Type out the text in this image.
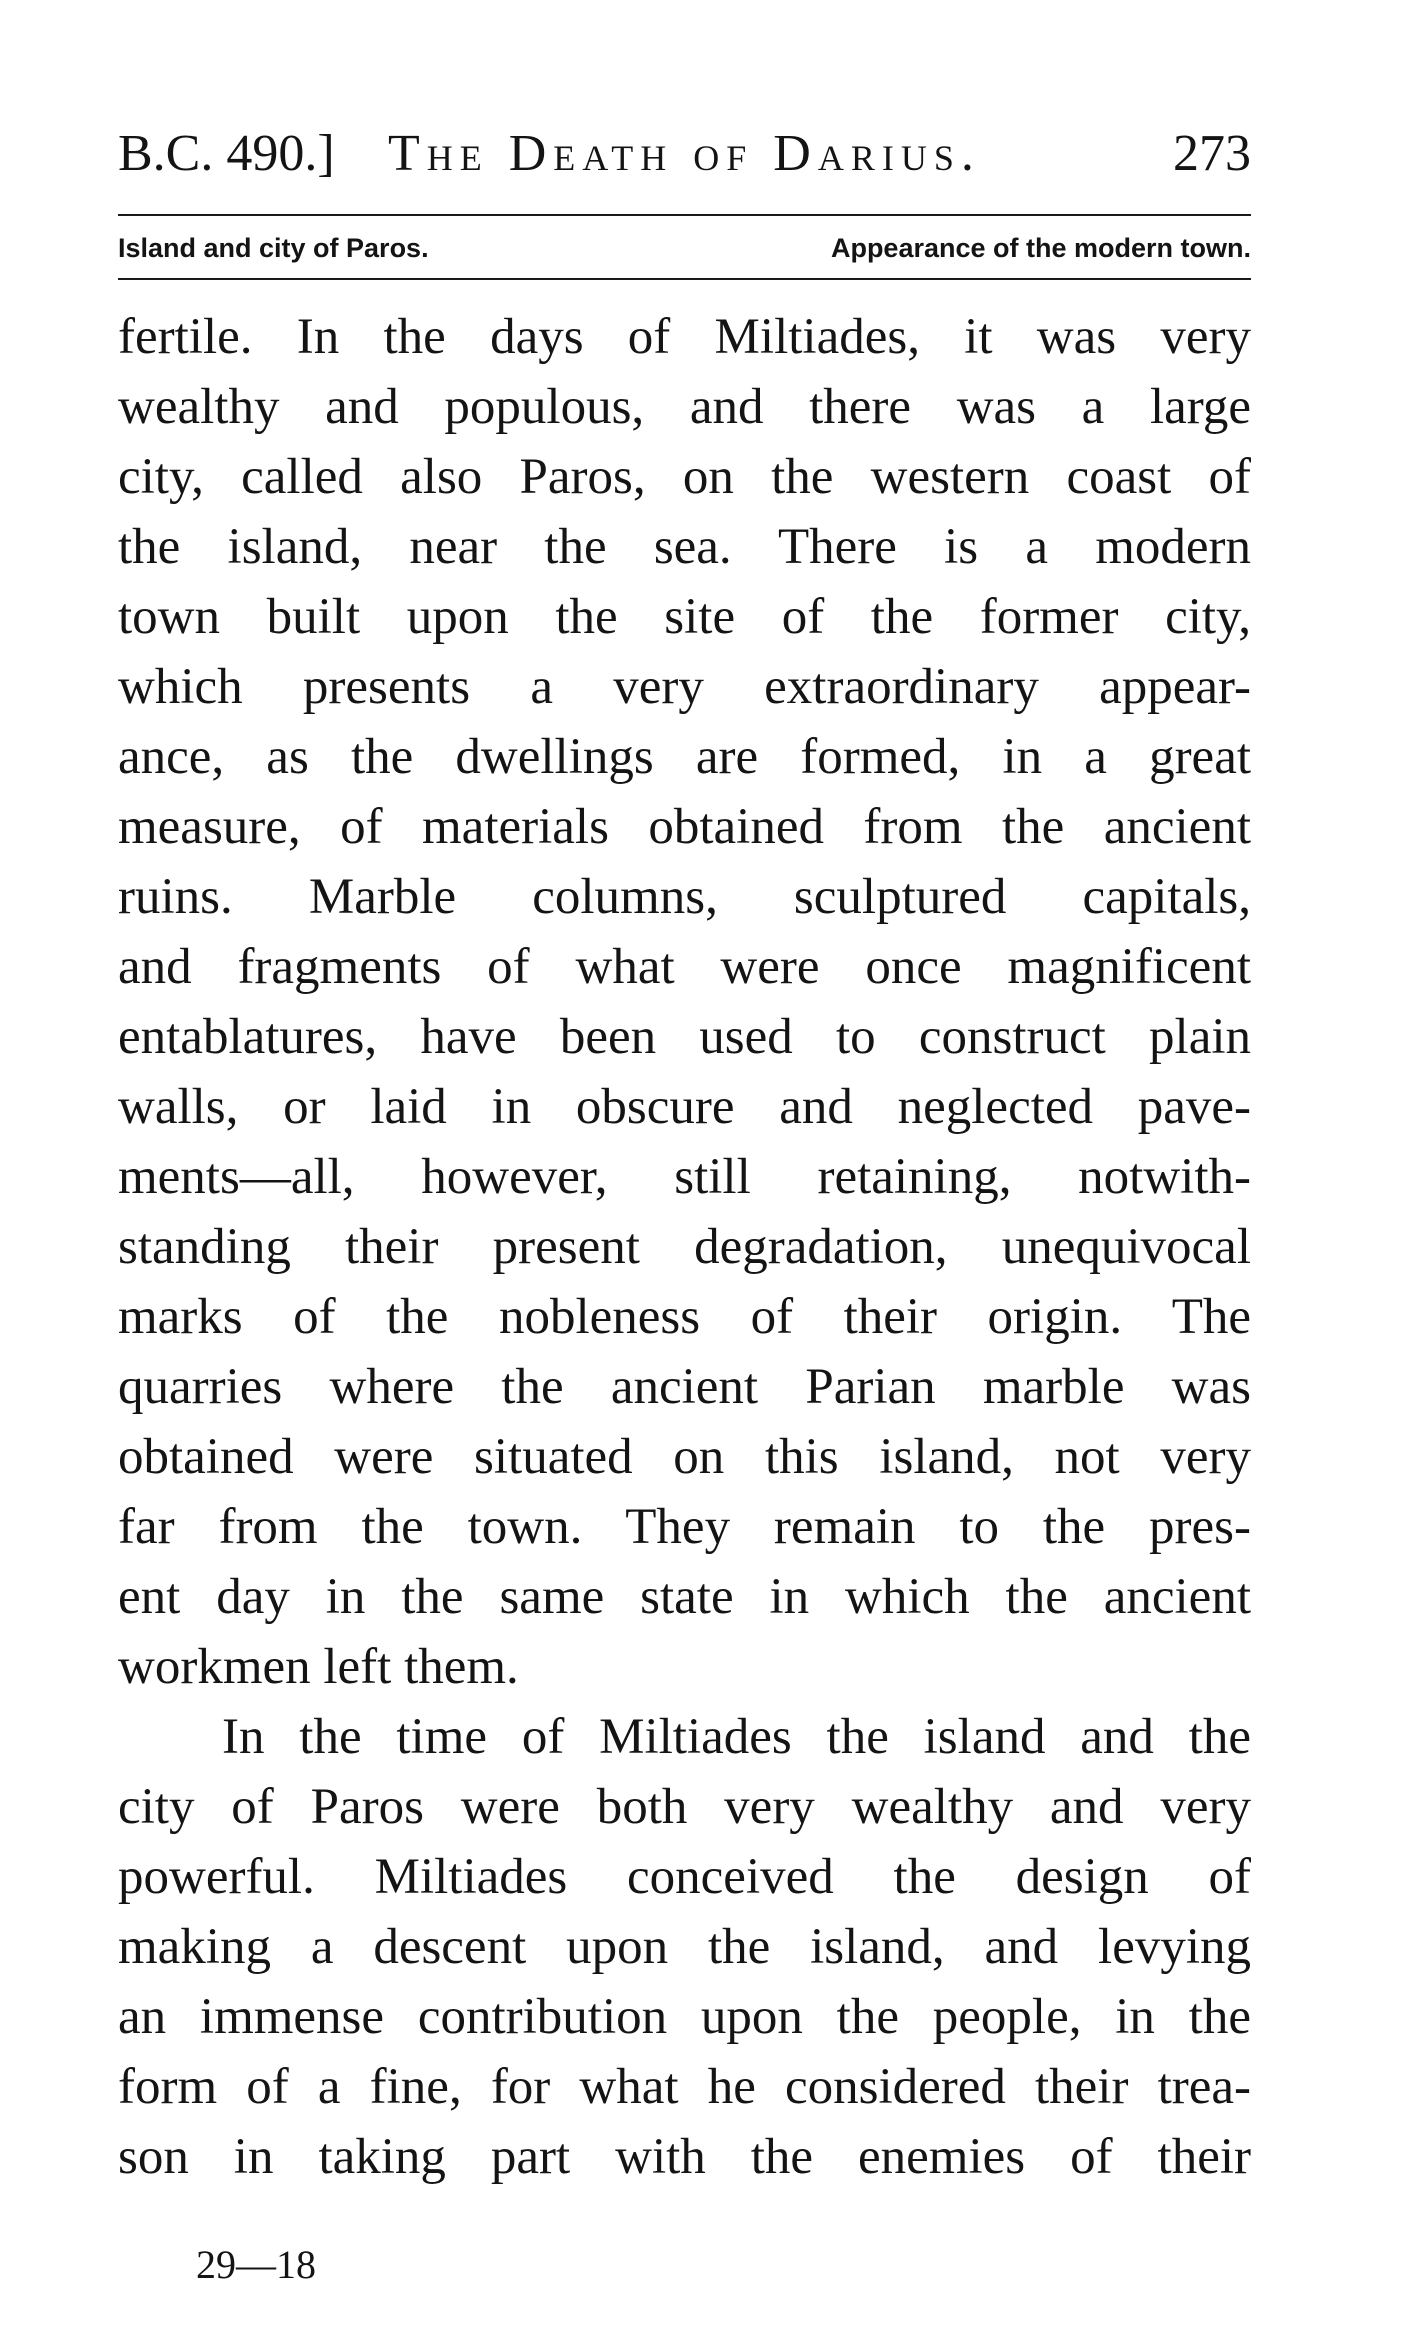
B.C. 490.] The Death of Darius.	273
Island and city of Paros.	Appearance of the modern town.
fertile. In the days of Miltiades, it was very
wealthy and populous, and there was a large
city, called also Paros, on the western coast of
the island, near the sea. There is a modern
town built upon the site of the former city,
which presents a very extraordinary appear-
ance, as the dwellings are formed, in a great
measure, of materials obtained from the ancient
ruins. Marble columns, sculptured capitals,
and fragments of what were once magnificent
entablatures, have been used to construct plain
walls, or laid in obscure and neglected pave-
ments—all, however, still retaining, notwith-
standing their present degradation, unequivocal
marks of the nobleness of their origin. The
quarries where the ancient Parian marble was
obtained were situated on this island, not very
far from the town. They remain to the pres-
ent day in the same state in which the ancient
workmen left them.
In the time of Miltiades the island and the
city of Paros were both very wealthy and very
powerful. Miltiades conceived the design of
making a descent upon the island, and levying
an immense contribution upon the people, in the
form of a fine, for what he considered their trea-
son in taking part with the enemies of their
29—18
